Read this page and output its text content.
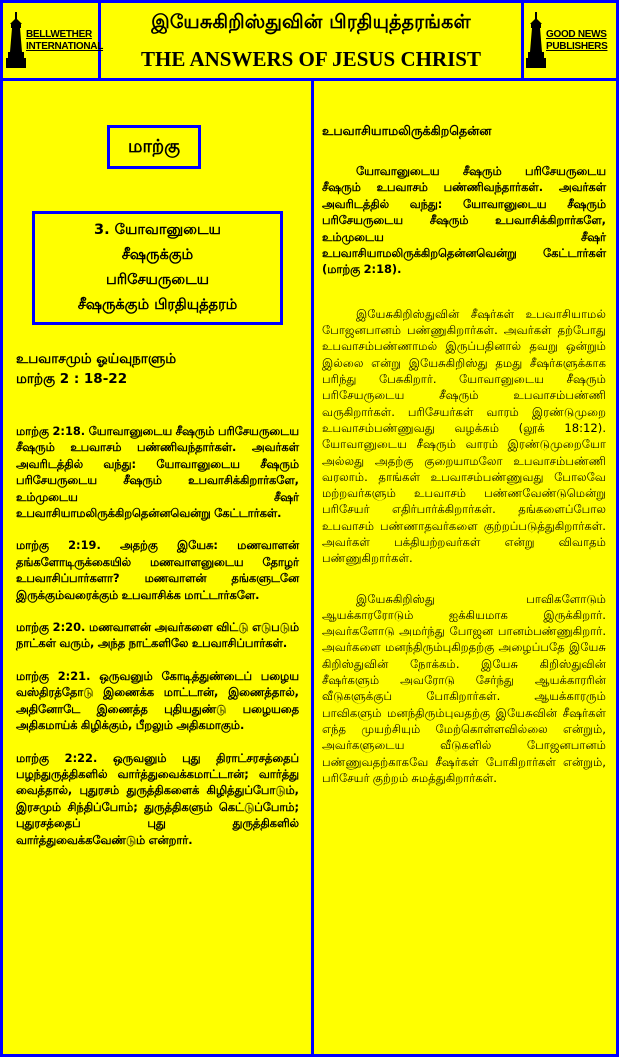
BELLWETHER
INTERNATIONAL
GOOD NEWS
PUBLISHERS
இயேசுகிறிஸ்துவின் பிரதியுத்தரங்கள்
THE ANSWERS OF JESUS CHRIST
மாற்கு
3. யோவானுடைய
சீஷருக்கும்
பரிசேயருடைய
சீஷருக்கும் பிரதியுத்தரம்
உபவாசமும் ஓய்வுநாளும்
மாற்கு 2 : 18-22

மாற்கு 2:18. யோவானுடைய சீஷரும் பரிசேயருடைய சீஷரும் உபவாசம் பண்ணிவந்தார்கள். அவர்கள் அவரிடத்தில் வந்து: யோவானுடைய சீஷரும் பரிசேயருடைய சீஷரும் உபவாசிக்கிறார்களே, உம்முடைய சீஷர் உபவாசியாமலிருக்கிறதென்னவென்று கேட்டார்கள்.

மாற்கு 2:19. அதற்கு இயேசு: மணவாளன் தங்களோடிருக்கையில் மணவாளனுடைய தோழர் உபவாசிப்பார்களா? மணவாளன் தங்களுடனே இருக்கும்வரைக்கும் உபவாசிக்க மாட்டார்களே.

மாற்கு 2:20. மணவாளன் அவர்களை விட்டு எடுபடும் நாட்கள் வரும், அந்த நாட்களிலே உபவாசிப்பார்கள்.

மாற்கு 2:21. ஒருவனும் கோடித்துண்டைப் பழைய வஸ்திரத்தோடு இணைக்க மாட்டான், இணைத்தால், அதினோடே இணைத்த புதியதுண்டு பழையதை அதிகமாய்க் கிழிக்கும், பீறலும் அதிகமாகும்.

மாற்கு 2:22. ஒருவனும் புது திராட்சரசத்தைப் பழந்துருத்திகளில் வார்த்துவைக்கமாட்டான்; வார்த்து வைத்தால், புதுரசம் துருத்திகளைக் கிழித்துப்போடும், இரசமும் சிந்திப்போம்; துருத்திகளும் கெட்டுப்போம்; புதுரசத்தைப் புது துருத்திகளில் வார்த்துவைக்கவேண்டும் என்றார்.

உபவாசியாமலிருக்கிறதென்ன

யோவானுடைய சீஷரும் பரிசேயருடைய சீஷரும் உபவாசம் பண்ணிவந்தார்கள். அவர்கள் அவரிடத்தில் வந்து: யோவானுடைய சீஷரும் பரிசேயருடைய சீஷரும் உபவாசிக்கிறார்களே, உம்முடைய சீஷர் உபவாசியாமலிருக்கிறதென்னவென்று கேட்டார்கள் (மாற்கு 2:18).

இயேசுகிறிஸ்துவின் சீஷர்கள் உபவாசியாமல் போஜனபானம் பண்ணுகிறார்கள். அவர்கள் தற்போது உபவாசம்பண்ணாமல் இருப்பதினால் தவறு ஒன்றும் இல்லை என்று இயேசுகிறிஸ்து தமது சீஷர்களுக்காக பரிந்து பேசுகிறார். யோவானுடைய சீஷரும் பரிசேயருடைய சீஷரும் உபவாசம்பண்ணி வருகிறார்கள். பரிசேயர்கள் வாரம் இரண்டுமுறை உபவாசம்பண்ணுவது வழக்கம் (லூக் 18:12). யோவானுடைய சீஷரும் வாரம் இரண்டுமுறையோ அல்லது அதற்கு குறையாமலோ உபவாசம்பண்ணி வரலாம். தாங்கள் உபவாசம்பண்ணுவது போலவே மற்றவர்களும் உபவாசம் பண்ணவேண்டுமென்று பரிசேயர் எதிர்பார்க்கிறார்கள். தங்களைப்போல உபவாசம் பண்ணாதவர்களை குற்றப்படுத்துகிறார்கள். அவர்கள் பக்தியற்றவர்கள் என்று விவாதம் பண்ணுகிறார்கள்.

இயேசுகிறிஸ்து பாவிகளோடும் ஆயக்காரரோடும் ஐக்கியமாக இருக்கிறார். அவர்களோடு அமர்ந்து போஜன பானம்பண்ணுகிறார். அவர்களை மனந்திரும்புகிறதற்கு அழைப்பதே இயேசு கிறிஸ்துவின் நோக்கம். இயேசு கிறிஸ்துவின் சீஷர்களும் அவரோடு சேர்ந்து ஆயக்காரரின் வீடுகளுக்குப் போகிறார்கள். ஆயக்காரரும் பாவிகளும் மனந்திரும்புவதற்கு இயேசுவின் சீஷர்கள் எந்த முயற்சியும் மேற்கொள்ளவில்லை என்றும், அவர்களுடைய வீடுகளில் போஜனபானம் பண்ணுவதற்காகவே சீஷர்கள் போகிறார்கள் என்றும், பரிசேயர் குற்றம் சுமத்துகிறார்கள்.
